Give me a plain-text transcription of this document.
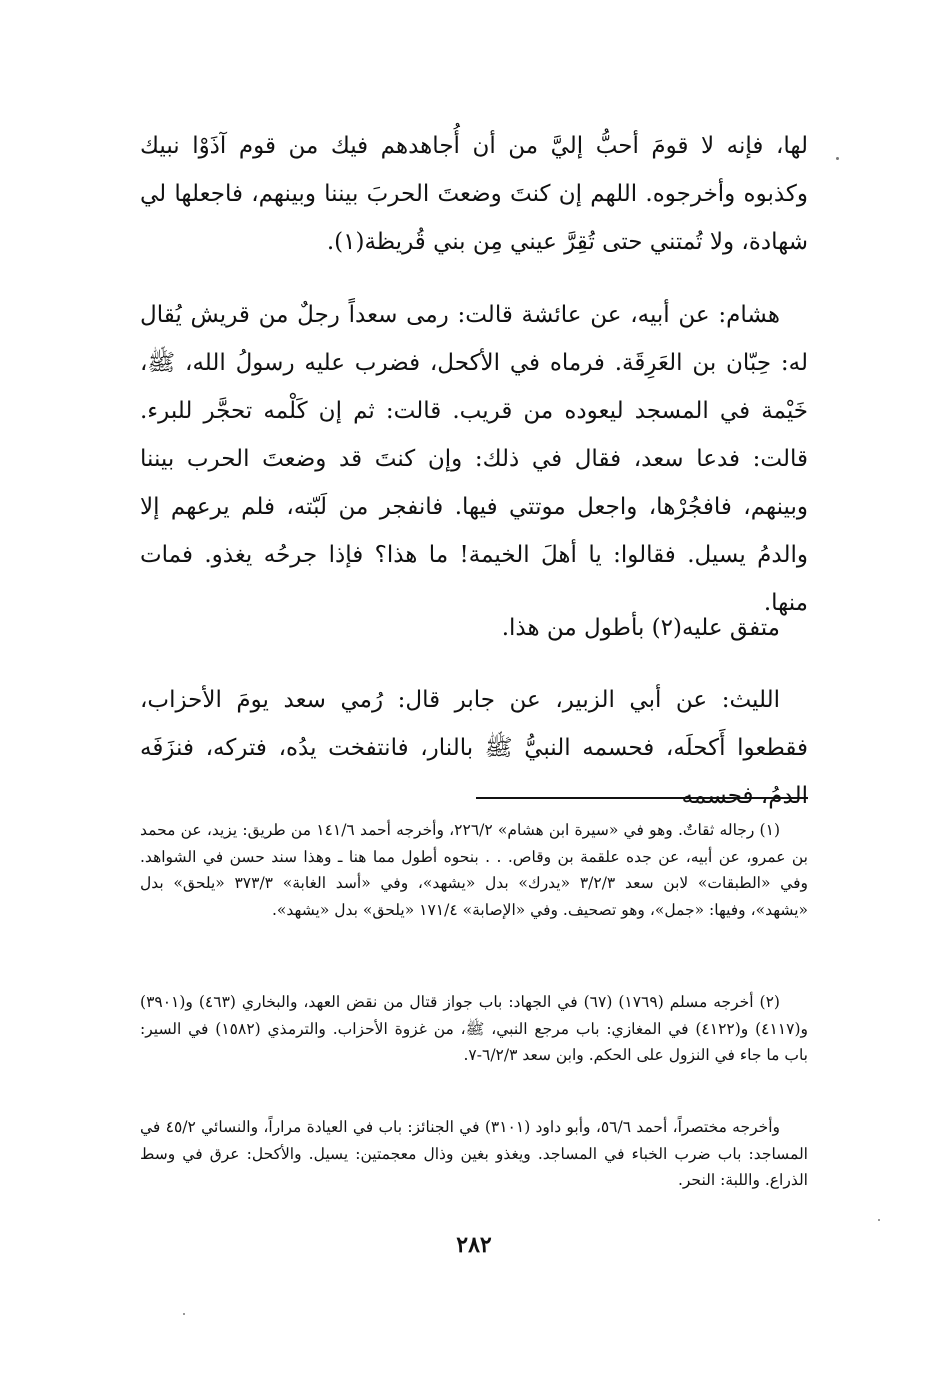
لها، فإنه لا قومَ أحبُّ إليَّ من أن أُجاهدهم فيك من قوم آذَوْا نبيك وكذبوه وأخرجوه. اللهم إن كنتَ وضعتَ الحربَ بيننا وبينهم، فاجعلها لي شهادة، ولا تُمتني حتى تُقِرَّ عيني مِن بني قُريظة(١).

هشام: عن أبيه، عن عائشة قالت: رمى سعداً رجلٌ من قريش يُقال له: حِبّان بن العَرِقَة. فرماه في الأكحل، فضرب عليه رسولُ الله، ﷺ، خَيْمة في المسجد ليعوده من قريب. قالت: ثم إن كَلْمه تحجَّر للبرء. قالت: فدعا سعد، فقال في ذلك: وإن كنتَ قد وضعتَ الحرب بيننا وبينهم، فافجُرْها، واجعل موتتي فيها. فانفجر من لَبّته، فلم يرعهم إلا والدمُ يسيل. فقالوا: يا أهلَ الخيمة! ما هذا؟ فإذا جرحُه يغذو. فمات منها.

متفق عليه(٢) بأطول من هذا.

الليث: عن أبي الزبير، عن جابر قال: رُمي سعد يومَ الأحزاب، فقطعوا أَكحلَه، فحسمه النبيُّ ﷺ بالنار، فانتفخت يدُه، فتركه، فنزَفَه الدمُ، فحسمه

(١) رجاله ثقاتٌ. وهو في «سيرة ابن هشام» ٢٢٦/٢، وأخرجه أحمد ١٤١/٦ من طريق: يزيد، عن محمد بن عمرو، عن أبيه، عن جده علقمة بن وقاص. . . بنحوه أطول مما هنا ـ وهذا سند حسن في الشواهد. وفي «الطبقات» لابن سعد ٣/٢/٣ «يدرك» بدل «يشهد»، وفي «أسد الغابة» ٣٧٣/٣ «يلحق» بدل «يشهد»، وفيها: «جمل»، وهو تصحيف. وفي «الإصابة» ١٧١/٤ «يلحق» بدل «يشهد».

(٢) أخرجه مسلم (١٧٦٩) (٦٧) في الجهاد: باب جواز قتال من نقض العهد، والبخاري (٤٦٣) و(٣٩٠١) و(٤١١٧) و(٤١٢٢) في المغازي: باب مرجع النبي، ﷺ، من غزوة الأحزاب. والترمذي (١٥٨٢) في السير: باب ما جاء في النزول على الحكم. وابن سعد ٦/٢/٣-٧.

وأخرجه مختصراً، أحمد ٥٦/٦، وأبو داود (٣١٠١) في الجنائز: باب في العيادة مراراً، والنسائي ٤٥/٢ في المساجد: باب ضرب الخباء في المساجد. ويغذو بغين وذال معجمتين: يسيل. والأكحل: عرق في وسط الذراع. واللبة: النحر.

٢٨٢
